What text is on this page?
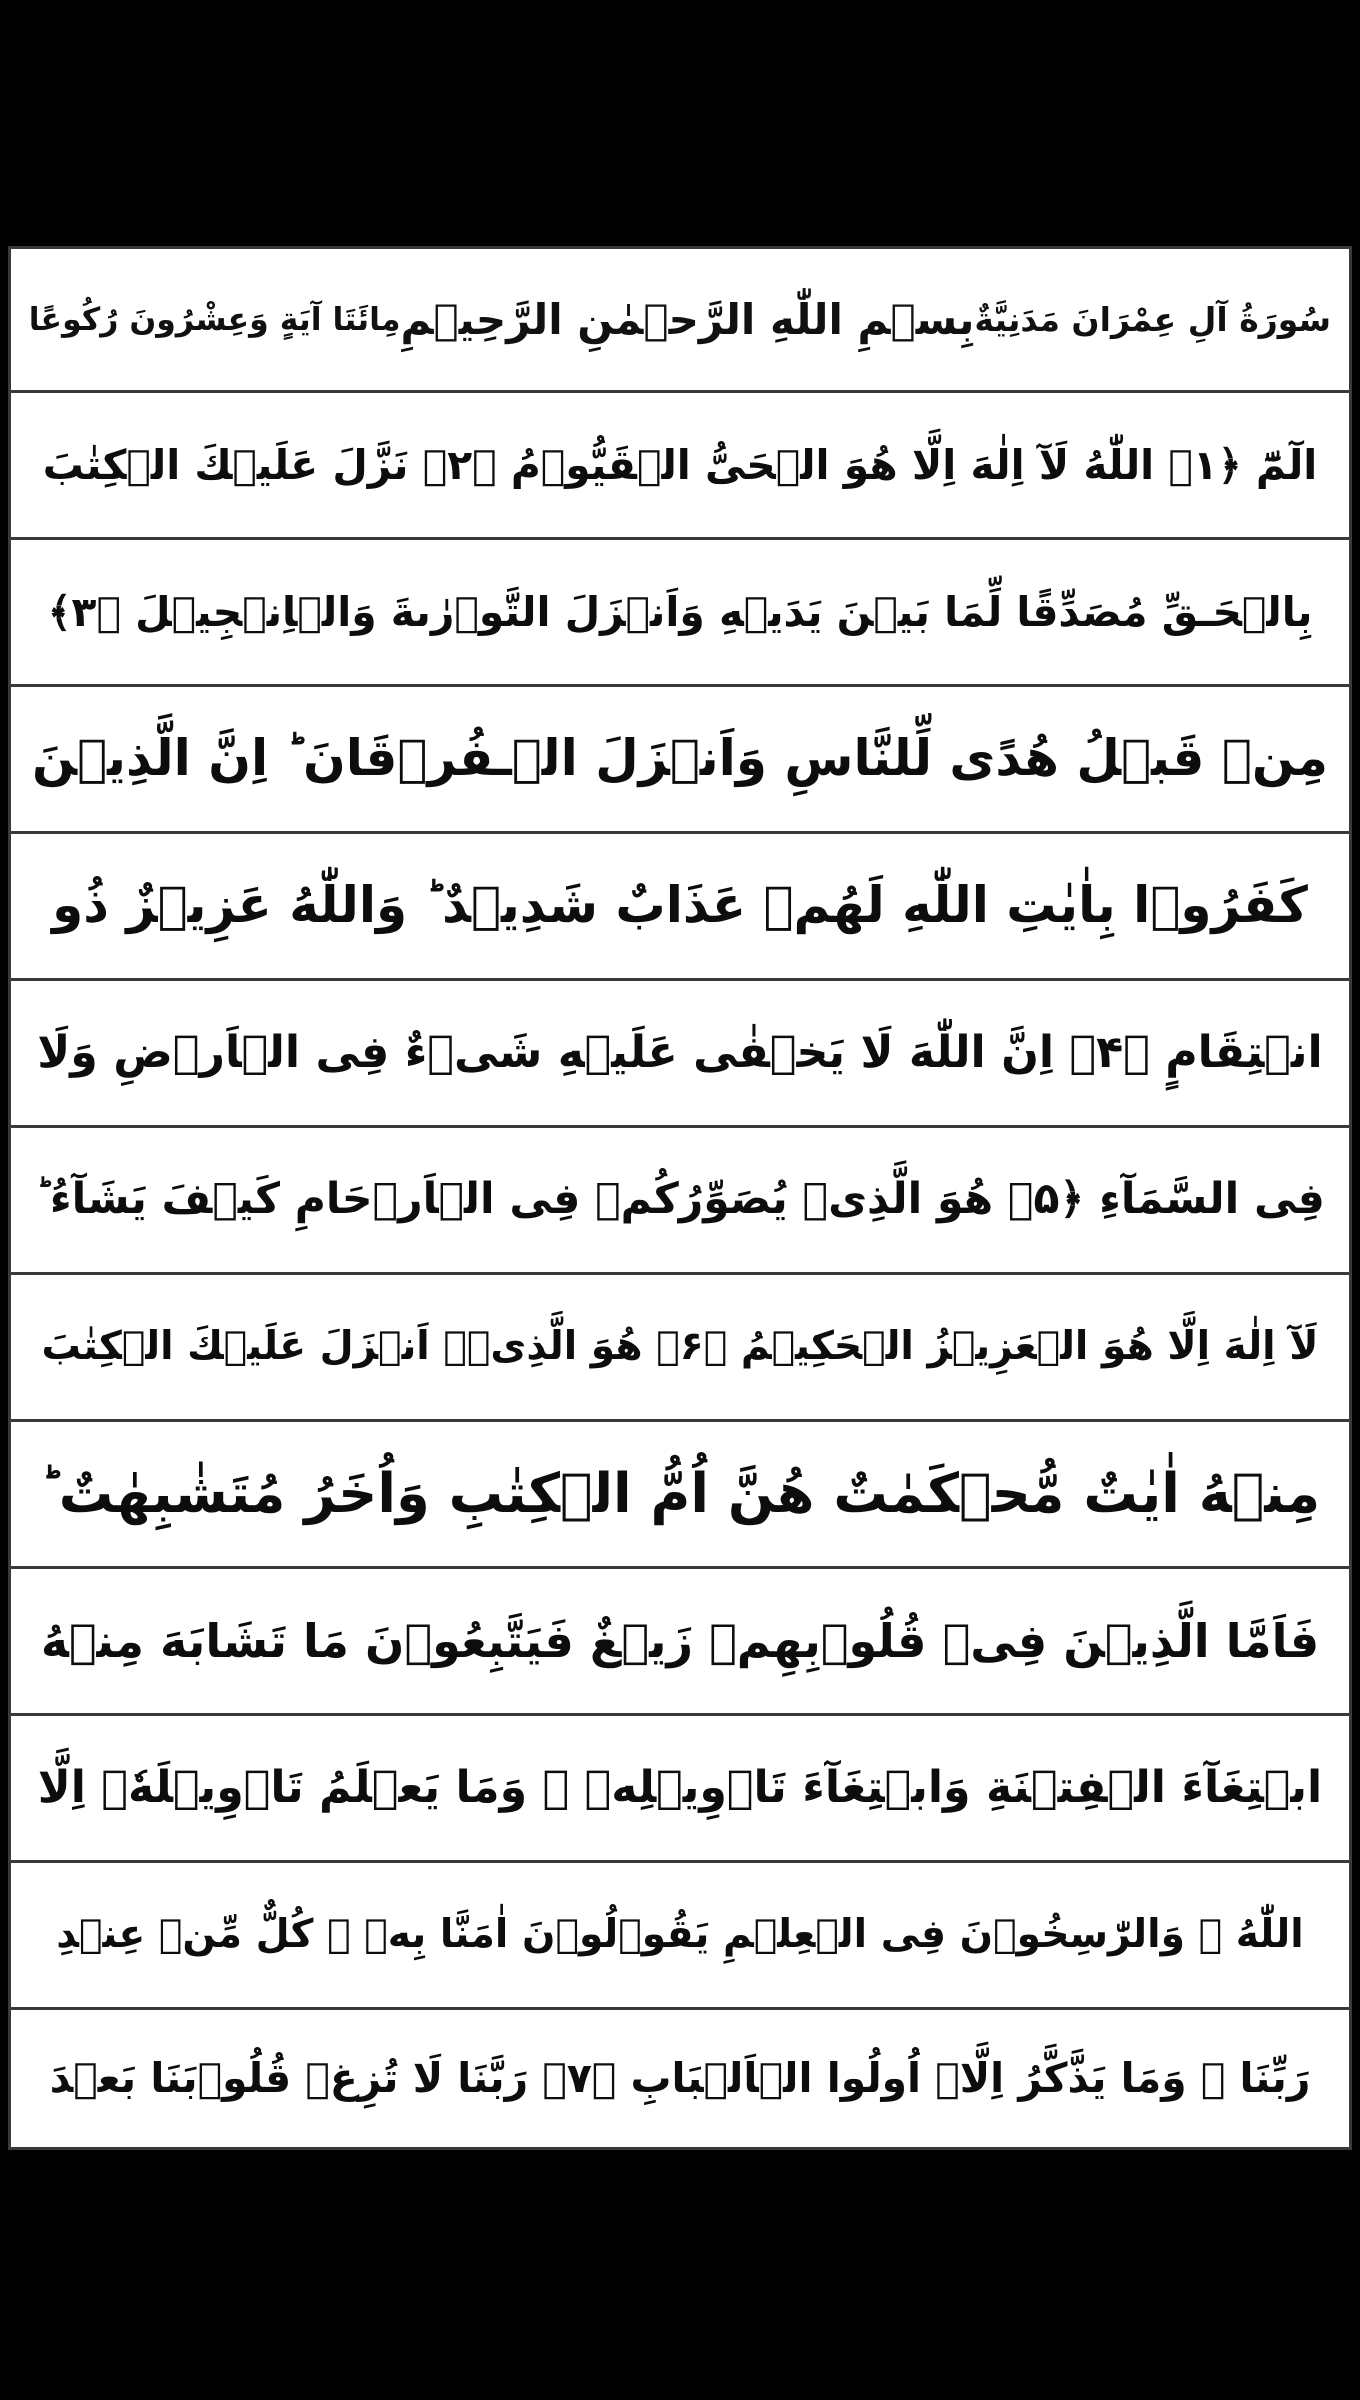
سُورَةُ آلِ عِمْرَانَ مَدَنِيَّةٌ
بِسۡمِ اللّٰهِ الرَّحۡمٰنِ الرَّحِيۡمِ
مِائَتَا آيَةٍ وَعِشْرُونَ رُكُوعًا
الٓمّٓ ﴿۱﴾ اللّٰهُ لَآ اِلٰهَ اِلَّا هُوَ الۡحَىُّ الۡقَيُّوۡمُ ﴿۲﴾ نَزَّلَ عَلَيۡكَ الۡكِتٰبَ
بِالۡحَـقِّ مُصَدِّقًا لِّمَا بَيۡنَ يَدَيۡهِ وَاَنۡزَلَ التَّوۡرٰٮةَ وَالۡاِنۡجِيۡلَ ﴿۳﴾
مِنۡ قَبۡلُ هُدًى لِّلنَّاسِ وَاَنۡزَلَ الۡـفُرۡقَانَ ؕ اِنَّ الَّذِيۡنَ
كَفَرُوۡا بِاٰيٰتِ اللّٰهِ لَهُمۡ عَذَابٌ شَدِيۡدٌ ؕ وَاللّٰهُ عَزِيۡزٌ ذُو
انۡتِقَامٍ ﴿۴﴾ اِنَّ اللّٰهَ لَا يَخۡفٰى عَلَيۡهِ شَىۡءٌ فِى الۡاَرۡضِ وَلَا
فِى السَّمَآءِ ﴿۵﴾ هُوَ الَّذِىۡ يُصَوِّرُكُمۡ فِى الۡاَرۡحَامِ كَيۡفَ يَشَآءُ ؕ
لَآ اِلٰهَ اِلَّا هُوَ الۡعَزِيۡزُ الۡحَكِيۡمُ ﴿۶﴾ هُوَ الَّذِىۡۤ اَنۡزَلَ عَلَيۡكَ الۡكِتٰبَ
مِنۡهُ اٰيٰتٌ مُّحۡكَمٰتٌ هُنَّ اُمُّ الۡكِتٰبِ وَاُخَرُ مُتَشٰبِهٰتٌ ؕ
فَاَمَّا الَّذِيۡنَ فِىۡ قُلُوۡبِهِمۡ زَيۡغٌ فَيَتَّبِعُوۡنَ مَا تَشَابَهَ مِنۡهُ
ابۡتِغَآءَ الۡفِتۡنَةِ وَابۡتِغَآءَ تَاۡوِيۡلِهٖ ۚ وَمَا يَعۡلَمُ تَاۡوِيۡلَهٗۤ اِلَّا
اللّٰهُ ۘ وَالرّٰسِخُوۡنَ فِى الۡعِلۡمِ يَقُوۡلُوۡنَ اٰمَنَّا بِهٖ ۙ كُلٌّ مِّنۡ عِنۡدِ
رَبِّنَا ۚ وَمَا يَذَّكَّرُ اِلَّاۤ اُولُوا الۡاَلۡبَابِ ﴿۷﴾ رَبَّنَا لَا تُزِغۡ قُلُوۡبَنَا بَعۡدَ
